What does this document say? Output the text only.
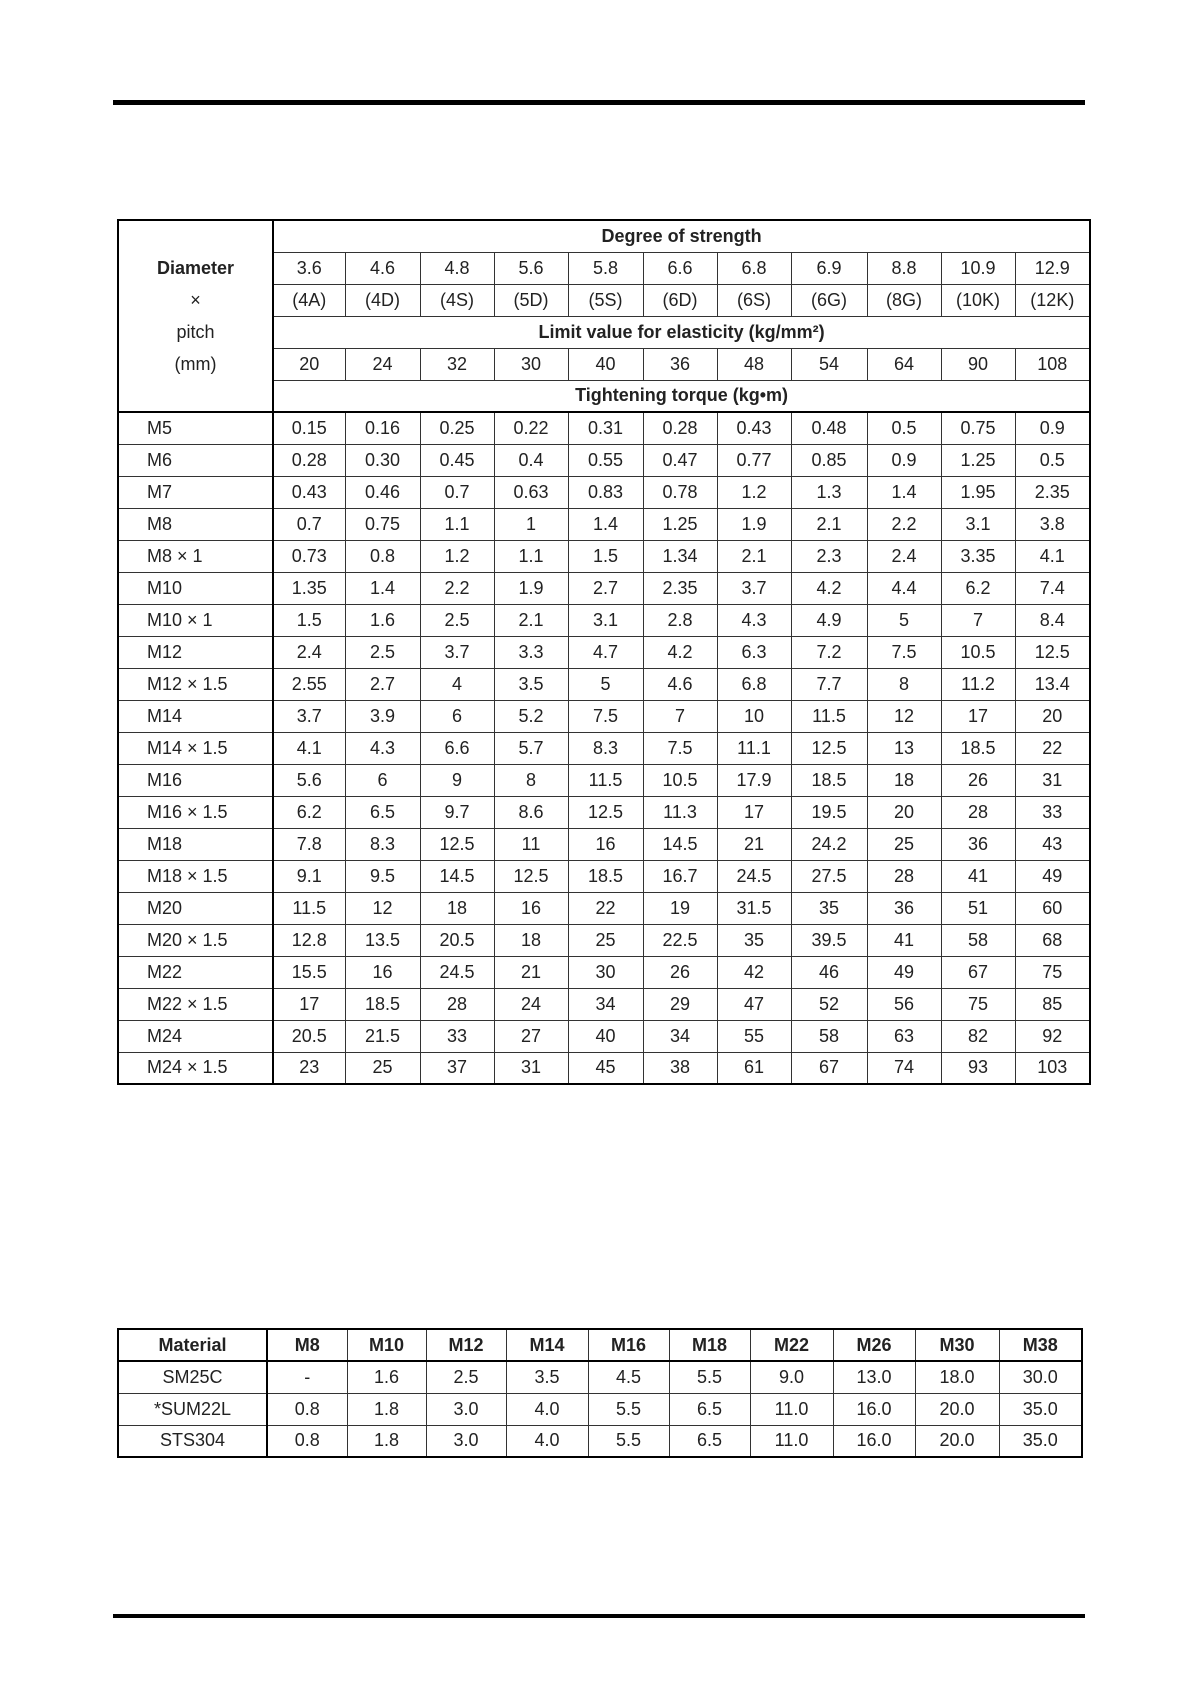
Diameter
×
pitch
(mm)	Degree of strength										
	3.6	4.6	4.8	5.6	5.8	6.6	6.8	6.9	8.8	10.9	12.9
	(4A)	(4D)	(4S)	(5D)	(5S)	(6D)	(6S)	(6G)	(8G)	(10K)	(12K)
	Limit value for elasticity (kg/mm²)										
	20	24	32	30	40	36	48	54	64	90	108
	Tightening torque (kg•m)										
M5	0.15	0.16	0.25	0.22	0.31	0.28	0.43	0.48	0.5	0.75	0.9
M6	0.28	0.30	0.45	0.4	0.55	0.47	0.77	0.85	0.9	1.25	0.5
M7	0.43	0.46	0.7	0.63	0.83	0.78	1.2	1.3	1.4	1.95	2.35
M8	0.7	0.75	1.1	1	1.4	1.25	1.9	2.1	2.2	3.1	3.8
M8 × 1	0.73	0.8	1.2	1.1	1.5	1.34	2.1	2.3	2.4	3.35	4.1
M10	1.35	1.4	2.2	1.9	2.7	2.35	3.7	4.2	4.4	6.2	7.4
M10 × 1	1.5	1.6	2.5	2.1	3.1	2.8	4.3	4.9	5	7	8.4
M12	2.4	2.5	3.7	3.3	4.7	4.2	6.3	7.2	7.5	10.5	12.5
M12 × 1.5	2.55	2.7	4	3.5	5	4.6	6.8	7.7	8	11.2	13.4
M14	3.7	3.9	6	5.2	7.5	7	10	11.5	12	17	20
M14 × 1.5	4.1	4.3	6.6	5.7	8.3	7.5	11.1	12.5	13	18.5	22
M16	5.6	6	9	8	11.5	10.5	17.9	18.5	18	26	31
M16 × 1.5	6.2	6.5	9.7	8.6	12.5	11.3	17	19.5	20	28	33
M18	7.8	8.3	12.5	11	16	14.5	21	24.2	25	36	43
M18 × 1.5	9.1	9.5	14.5	12.5	18.5	16.7	24.5	27.5	28	41	49
M20	11.5	12	18	16	22	19	31.5	35	36	51	60
M20 × 1.5	12.8	13.5	20.5	18	25	22.5	35	39.5	41	58	68
M22	15.5	16	24.5	21	30	26	42	46	49	67	75
M22 × 1.5	17	18.5	28	24	34	29	47	52	56	75	85
M24	20.5	21.5	33	27	40	34	55	58	63	82	92
M24 × 1.5	23	25	37	31	45	38	61	67	74	93	103
Material	M8	M10	M12	M14	M16	M18	M22	M26	M30	M38
SM25C	-	1.6	2.5	3.5	4.5	5.5	9.0	13.0	18.0	30.0
*SUM22L	0.8	1.8	3.0	4.0	5.5	6.5	11.0	16.0	20.0	35.0
STS304	0.8	1.8	3.0	4.0	5.5	6.5	11.0	16.0	20.0	35.0
